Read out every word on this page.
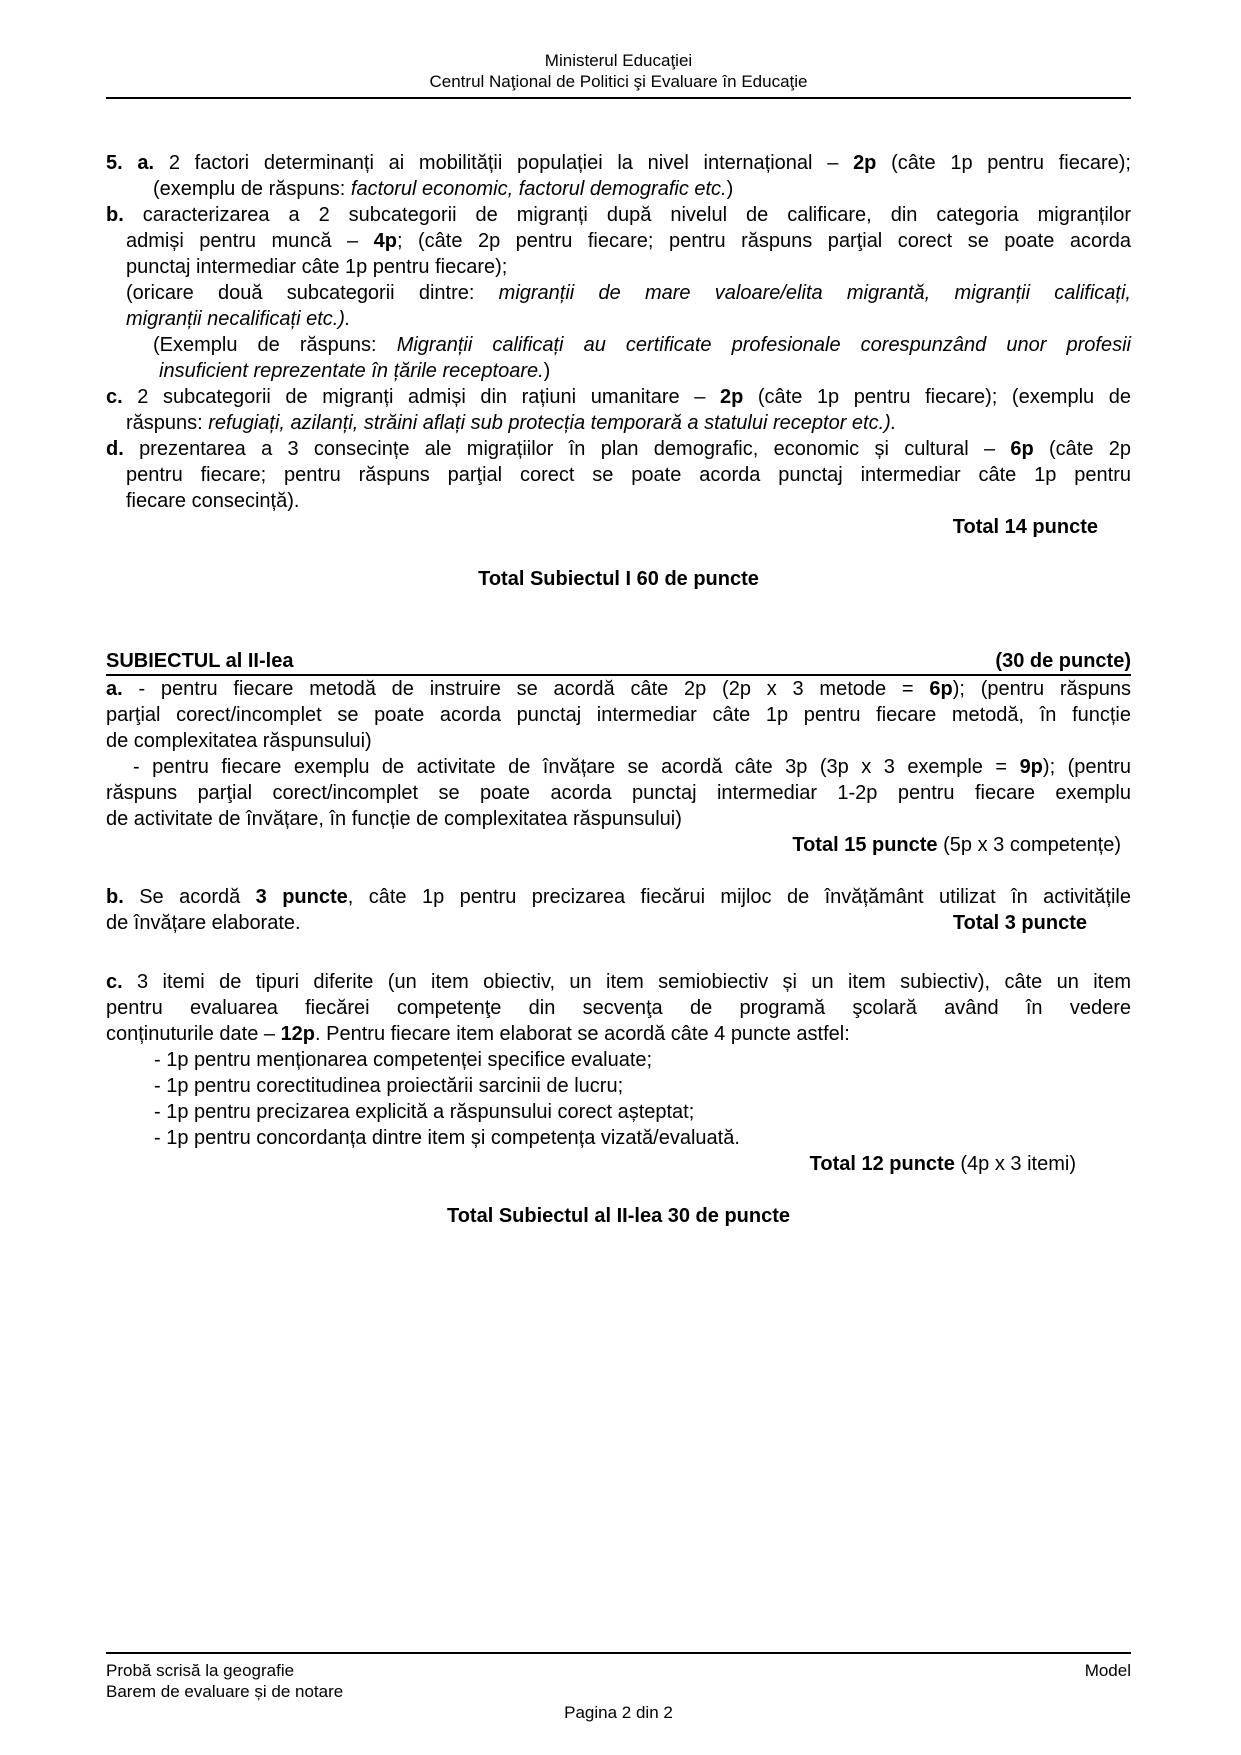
Ministerul Educaţiei
Centrul Naţional de Politici şi Evaluare în Educaţie
5. a. 2 factori determinanți ai mobilității populației la nivel internațional – 2p (câte 1p pentru fiecare);
(exemplu de răspuns: factorul economic, factorul demografic etc.)
b. caracterizarea a 2 subcategorii de migranți după nivelul de calificare, din categoria migranților
admiși pentru muncă – 4p; (câte 2p pentru fiecare; pentru răspuns parţial corect se poate acorda
punctaj intermediar câte 1p pentru fiecare);
(oricare două subcategorii dintre: migranții de mare valoare/elita migrantă, migranții calificați,
migranții necalificați etc.).
(Exemplu de răspuns: Migranții calificați au certificate profesionale corespunzând unor profesii
insuficient reprezentate în țările receptoare.)
c. 2 subcategorii de migranți admiși din rațiuni umanitare – 2p (câte 1p pentru fiecare); (exemplu de
răspuns: refugiați, azilanți, străini aflați sub protecția temporară a statului receptor etc.).
d. prezentarea a 3 consecințe ale migrațiilor în plan demografic, economic și cultural – 6p (câte 2p
pentru fiecare; pentru răspuns parţial corect se poate acorda punctaj intermediar câte 1p pentru
fiecare consecință).
Total 14 puncte
Total Subiectul I 60 de puncte
SUBIECTUL al II-lea	(30 de puncte)
a. - pentru fiecare metodă de instruire se acordă câte 2p (2p x 3 metode = 6p); (pentru răspuns
parţial corect/incomplet se poate acorda punctaj intermediar câte 1p pentru fiecare metodă, în funcție
de complexitatea răspunsului)
- pentru fiecare exemplu de activitate de învățare se acordă câte 3p (3p x 3 exemple = 9p); (pentru
răspuns parţial corect/incomplet se poate acorda punctaj intermediar 1-2p pentru fiecare exemplu
de activitate de învățare, în funcție de complexitatea răspunsului)
Total 15 puncte (5p x 3 competențe)
b. Se acordă 3 puncte, câte 1p pentru precizarea fiecărui mijloc de învățământ utilizat în activitățile
de învățare elaborate.	Total 3 puncte
c. 3 itemi de tipuri diferite (un item obiectiv, un item semiobiectiv și un item subiectiv), câte un item
pentru evaluarea fiecărei competenţe din secvenţa de programă şcolară având în vedere
conținuturile date – 12p. Pentru fiecare item elaborat se acordă câte 4 puncte astfel:
- 1p pentru menționarea competenței specifice evaluate;
- 1p pentru corectitudinea proiectării sarcinii de lucru;
- 1p pentru precizarea explicită a răspunsului corect așteptat;
- 1p pentru concordanța dintre item și competența vizată/evaluată.
Total 12 puncte (4p x 3 itemi)
Total Subiectul al II-lea 30 de puncte
Probă scrisă la geografie
Barem de evaluare și de notare
Model
Pagina 2 din 2
